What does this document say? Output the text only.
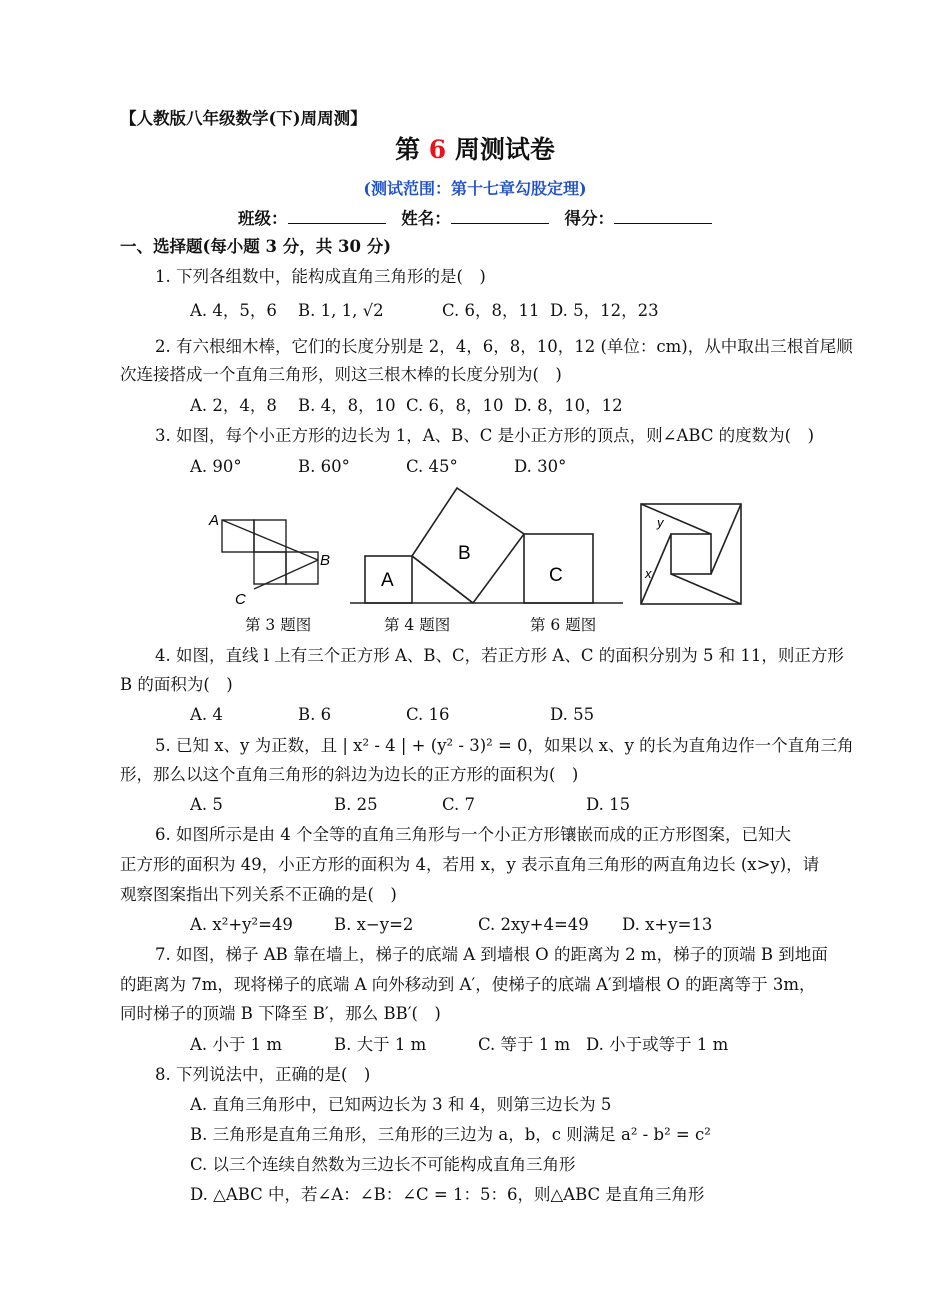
【人教版八年级数学(下)周周测】
第 6 周测试卷
(测试范围：第十七章勾股定理)
班级：	姓名：	得分：
一、选择题(每小题 3 分，共 30 分)
1. 下列各组数中，能构成直角三角形的是(　)
A. 4，5，6 B. 1, 1, √2	C. 6，8，11 D. 5，12，23
2. 有六根细木棒，它们的长度分别是 2，4，6，8，10，12 (单位：cm)，从中取出三根首尾顺
次连接搭成一个直角三角形，则这三根木棒的长度分别为(　)
A. 2，4，8 B. 4，8，10 C. 6，8，10 D. 8，10，12
3. 如图，每个小正方形的边长为 1，A、B、C 是小正方形的顶点，则∠ABC 的度数为(　)
A. 90°	B. 60°	C. 45°	D. 30°
A
B
C
A
B
C
y
x
第 3 题图	第 4 题图	第 6 题图
4. 如图，直线 l 上有三个正方形 A、B、C，若正方形 A、C 的面积分别为 5 和 11，则正方形
B 的面积为(　)
A. 4	B. 6	C. 16	D. 55
5. 已知 x、y 为正数，且 | x² - 4 | + (y² - 3)² = 0，如果以 x、y 的长为直角边作一个直角三角
形，那么以这个直角三角形的斜边为边长的正方形的面积为(　)
A. 5	B. 25	C. 7	D. 15
6. 如图所示是由 4 个全等的直角三角形与一个小正方形镶嵌而成的正方形图案，已知大
正方形的面积为 49，小正方形的面积为 4，若用 x，y 表示直角三角形的两直角边长 (x>y)，请
观察图案指出下列关系不正确的是(　)
A. x²+y²=49 B. x−y=2	C. 2xy+4=49 D. x+y=13
7. 如图，梯子 AB 靠在墙上，梯子的底端 A 到墙根 O 的距离为 2 m，梯子的顶端 B 到地面
的距离为 7m，现将梯子的底端 A 向外移动到 A′，使梯子的底端 A′到墙根 O 的距离等于 3m，
同时梯子的顶端 B 下降至 B′，那么 BB′(　)
A. 小于 1 m	B. 大于 1 m	C. 等于 1 m D. 小于或等于 1 m
8. 下列说法中，正确的是(　)
A. 直角三角形中，已知两边长为 3 和 4，则第三边长为 5
B. 三角形是直角三角形，三角形的三边为 a，b，c 则满足 a² - b² = c²
C. 以三个连续自然数为三边长不可能构成直角三角形
D. △ABC 中，若∠A：∠B：∠C = 1：5：6，则△ABC 是直角三角形
